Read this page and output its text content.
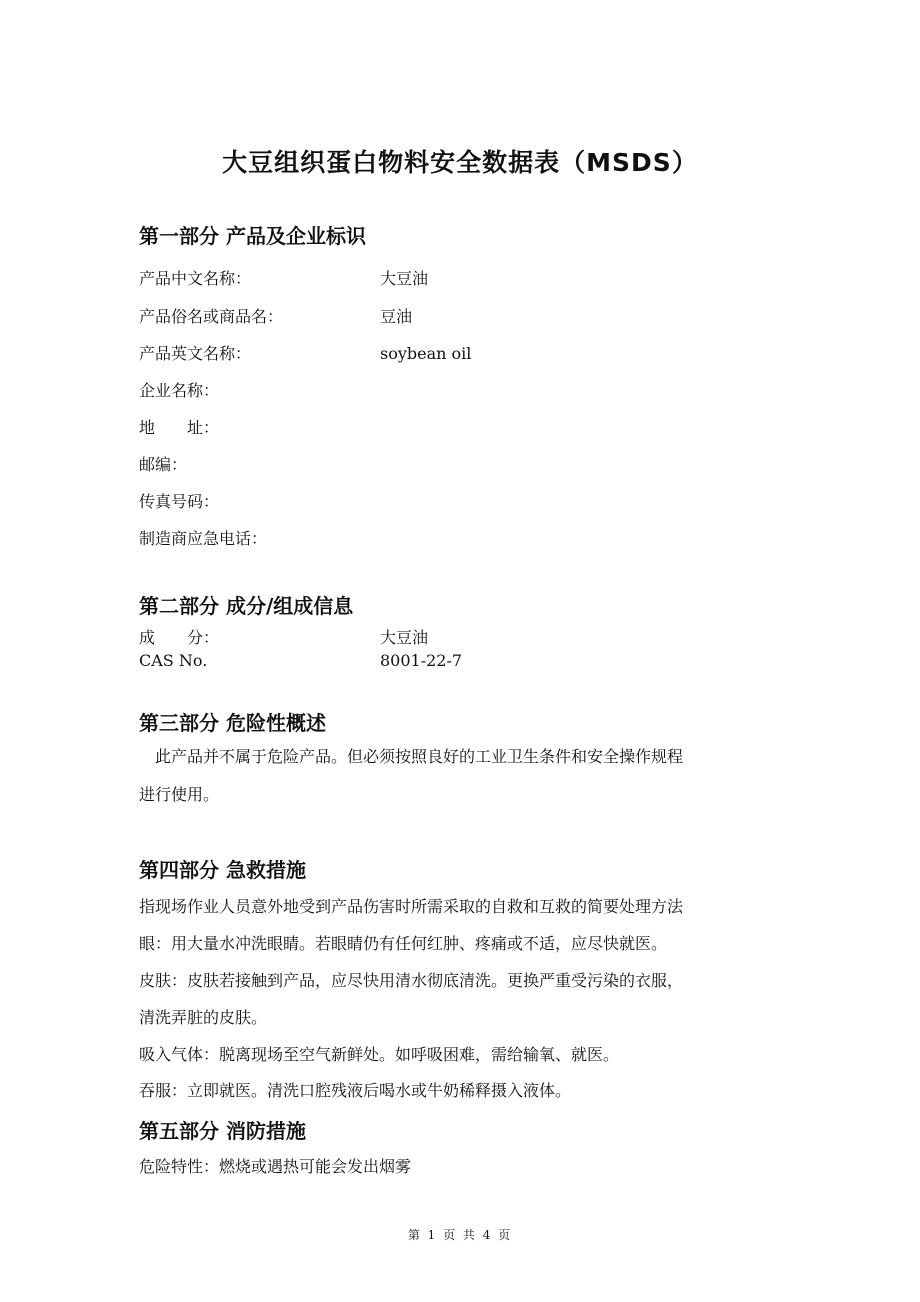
大豆组织蛋白物料安全数据表（MSDS）
第一部分 产品及企业标识
产品中文名称：	大豆油
产品俗名或商品名：	豆油
产品英文名称：	soybean oil
企业名称：
地　　址：
邮编：
传真号码：
制造商应急电话：
第二部分 成分/组成信息
成　　分：	大豆油
CAS No.	8001-22-7
第三部分 危险性概述
　此产品并不属于危险产品。但必须按照良好的工业卫生条件和安全操作规程
进行使用。
第四部分 急救措施
指现场作业人员意外地受到产品伤害时所需采取的自救和互救的简要处理方法
眼：用大量水冲洗眼睛。若眼睛仍有任何红肿、疼痛或不适，应尽快就医。
皮肤：皮肤若接触到产品，应尽快用清水彻底清洗。更换严重受污染的衣服，
清洗弄脏的皮肤。
吸入气体：脱离现场至空气新鲜处。如呼吸困难，需给输氧、就医。
吞服：立即就医。清洗口腔残液后喝水或牛奶稀释摄入液体。
第五部分 消防措施
危险特性：燃烧或遇热可能会发出烟雾
第 1 页 共 4 页
